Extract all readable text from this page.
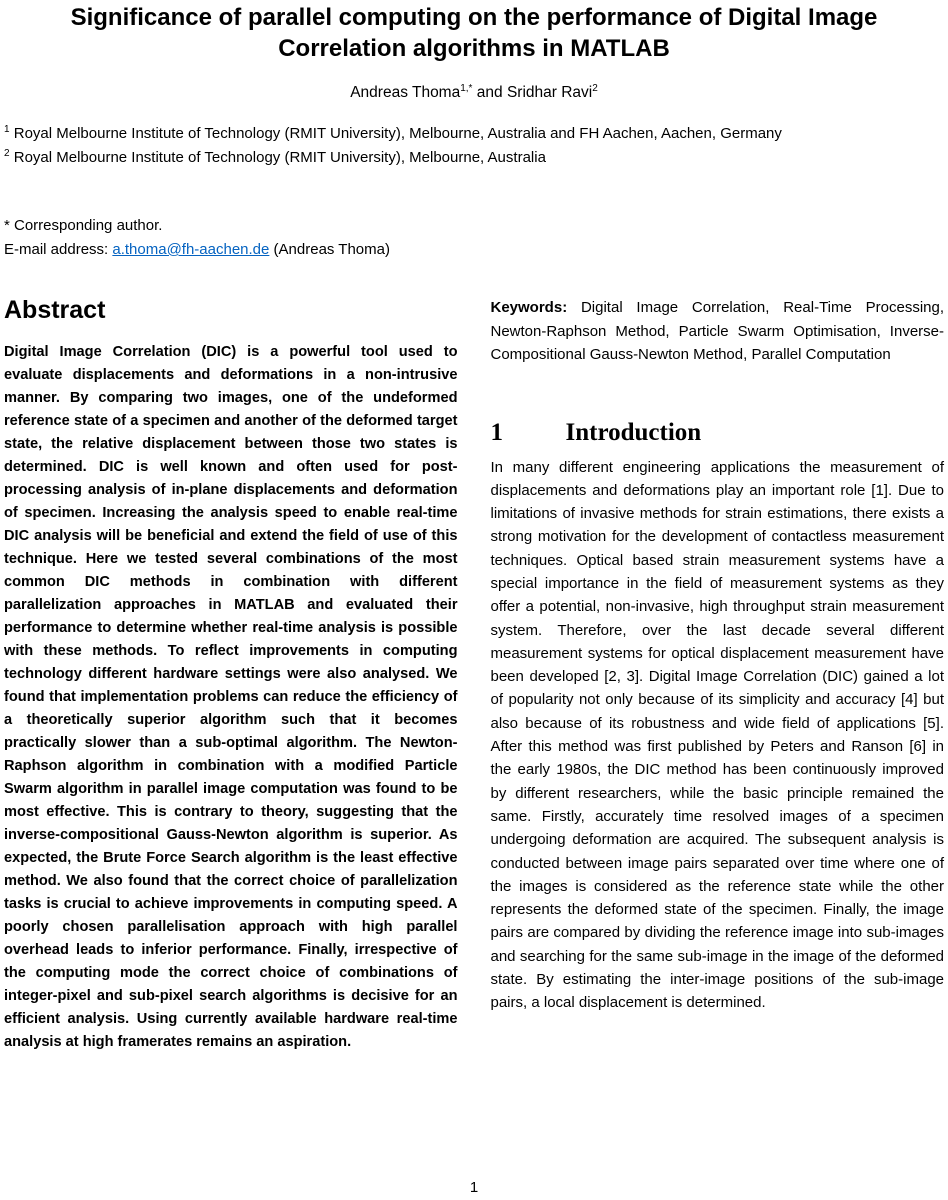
Significance of parallel computing on the performance of Digital Image Correlation algorithms in MATLAB

Andreas Thoma$^{1,*}$ and Sridhar Ravi$^2$

$^1$ Royal Melbourne Institute of Technology (RMIT University), Melbourne, Australia and FH Aachen, Aachen, Germany

$^2$ Royal Melbourne Institute of Technology (RMIT University), Melbourne, Australia

* Corresponding author.

E-mail address: a.thoma@fh-aachen.de (Andreas Thoma)

Abstract

Digital Image Correlation (DIC) is a powerful tool used to evaluate displacements and deformations in a non-intrusive manner. By comparing two images, one of the undeformed reference state of a specimen and another of the deformed target state, the relative displacement between those two states is determined. DIC is well known and often used for post-processing analysis of in-plane displacements and deformation of specimen. Increasing the analysis speed to enable real-time DIC analysis will be beneficial and extend the field of use of this technique. Here we tested several combinations of the most common DIC methods in combination with different parallelization approaches in MATLAB and evaluated their performance to determine whether real-time analysis is possible with these methods. To reflect improvements in computing technology different hardware settings were also analysed. We found that implementation problems can reduce the efficiency of a theoretically superior algorithm such that it becomes practically slower than a sub-optimal algorithm. The Newton-Raphson algorithm in combination with a modified Particle Swarm algorithm in parallel image computation was found to be most effective. This is contrary to theory, suggesting that the inverse-compositional Gauss-Newton algorithm is superior. As expected, the Brute Force Search algorithm is the least effective method. We also found that the correct choice of parallelization tasks is crucial to achieve improvements in computing speed. A poorly chosen parallelisation approach with high parallel overhead leads to inferior performance. Finally, irrespective of the computing mode the correct choice of combinations of integer-pixel and sub-pixel search algorithms is decisive for an efficient analysis. Using currently available hardware real-time analysis at high framerates remains an aspiration.

Keywords: Digital Image Correlation, Real-Time Processing, Newton-Raphson Method, Particle Swarm Optimisation, Inverse-Compositional Gauss-Newton Method, Parallel Computation

1	Introduction

In many different engineering applications the measurement of displacements and deformations play an important role [1]. Due to limitations of invasive methods for strain estimations, there exists a strong motivation for the development of contactless measurement techniques. Optical based strain measurement systems have a special importance in the field of measurement systems as they offer a potential, non-invasive, high throughput strain measurement system. Therefore, over the last decade several different measurement systems for optical displacement measurement have been developed [2, 3]. Digital Image Correlation (DIC) gained a lot of popularity not only because of its simplicity and accuracy [4] but also because of its robustness and wide field of applications [5]. After this method was first published by Peters and Ranson [6] in the early 1980s, the DIC method has been continuously improved by different researchers, while the basic principle remained the same. Firstly, accurately time resolved images of a specimen undergoing deformation are acquired. The subsequent analysis is conducted between image pairs separated over time where one of the images is considered as the reference state while the other represents the deformed state of the specimen. Finally, the image pairs are compared by dividing the reference image into sub-images and searching for the same sub-image in the image of the deformed state. By estimating the inter-image positions of the sub-image pairs, a local displacement is determined.

1
